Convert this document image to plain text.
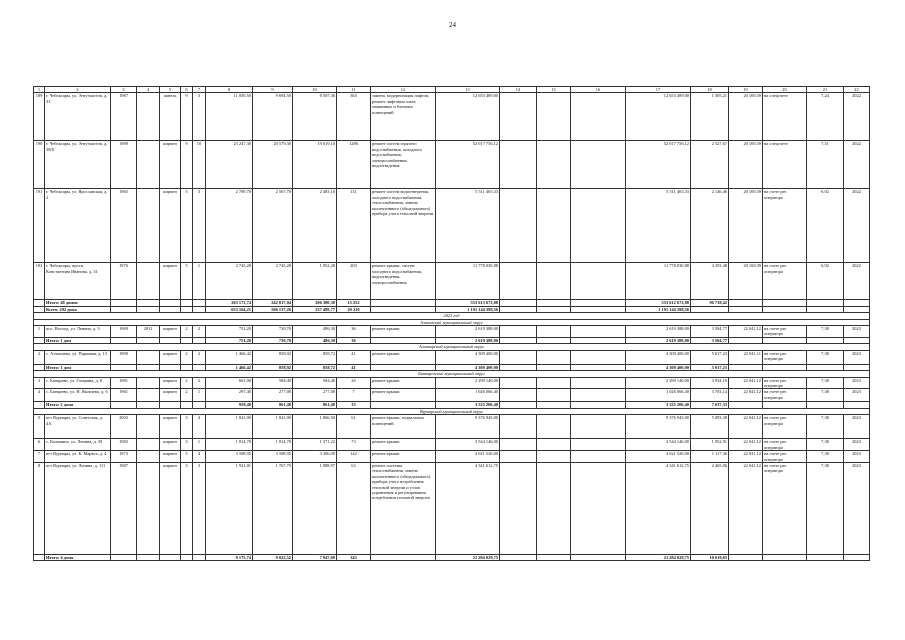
24
1	2	3	4	5	6	7	8	9	10	11	12	13	14	15	16	17	18	19	20	21	22
189	г. Чебоксары, ул. Энтузиастов, д. 33	1987		панель	9	3	11 050,50	9 694,50	8 507,36	363	замена, модернизация лифтов, ремонт лифтовых шахт, машинных и блочных помещений	12 653 489,00				12 653 489,00	1 305,21	20 169,39	на спецсчете	7,24	2022
190	г. Чебоксары, ул. Энтузиастов, д. 38/8	1989		кирпич	9	10	23 247,30	20 579,30	19 619,10	1286	ремонт систем горячего водоснабжения, холодного водоснабжения, электроснабжения, водоотведения	52 017 756,12				52 017 756,12	2 527,67	20 169,39	на спецсчете	7,51	2022
191	г. Чебоксары, ул. Ярославская, д. 2	1965		кирпич	3	3	2 789,70	2 567,70	2 483,10	131	ремонт систем водоотведения, холодного водоснабжения, теплоснабжения, замена коллективного (общедомового) прибора учета тепловой энергии	5 511 465,33				5 511 465,33	2 146,46	20 169,39	на счете рег. оператора	6,92	2022
192	г. Чебоксары, просп. Константина Иванова, д. 31	1976		кирпич	5	1	2 743,28	2 743,28	1 952,28	203	ремонт крыши, систем холодного водоснабжения, водоотведения, электроснабжения	11 778 030,88				11 778 030,88	4 293,48	20 169,39	на счете рег. оператора	6,92	2022
	Итого: 48 домов						263 173,74	242 017,04	206 380,30	15 252		553 613 673,88				553 612 673,88	96 738,42				
	Всего: 292 дома						653 164,21	586 137,26	537 489,77	29 210		1 191 144 398,56				1 191 144 398,56					
2023 год																					
Аликовский муниципальный округ																					
1	пос. Восход, ул. Ленина, д. 3	1969	2011	кирпич	2	2	751,20	730,70	486,30	36	ремонт крыши	2 619 388,00				2 619 388,00	3 584,77	22 041,12	на счете рег. оператора	7,38	2023
	Итого: 1 дом						751,20	730,70	486,30	36		2 619 388,00				2 619 388,00	3 584,77				
Алатырский муниципальный округ																					
2	с. Алтышево, ул. Парковая, д. 13	1990		кирпич	2	2	1 466,42	858,92	858,72	41	ремонт крыши	4 309 400,00				4 309 400,00	5 017,23	22 041,11	на счете рег. оператора	7,38	2023
	Итого: 1 дом						1 466,42	858,92	858,72	41		4 309 400,00				4 309 400,00	5 017,23				
Батыревский муниципальный округ																					
3	с. Батырево, ул. Гагарина, д. 8	1981		кирпич	2	2	661,00	584,40	584,40	26	ремонт крыши	2 299 140,00				2 299 140,00	3 934,19	22 041,12	на счете рег. оператора	7,38	2023
4	с. Батырево, ул. Н. Яковлева, д. 6	1961		кирпич	2	1	297,40	277,08	277,08	7	ремонт крыши	1 026 066,40				1 026 066,40	3 703,14	22 041,12	на счете рег. оператора	7,38	2023
	Итого: 2 дома						958,40	861,48	861,48	33		3 325 206,40				3 325 206,40	7 637,33				
Вурнарский муниципальный округ																					
5	пгт Вурнары, ул. Советская, д. 4А	2002		кирпич	3	4	1 841,00	1 841,00	1 866,50	61	ремонт крыши, подвальных помещений	9 376 945,00				9 376 945,00	5 093,38	22 041,12	на счете рег. оператора	7,38	2023
6	с. Калинино, ул. Ленина, д. 39	1982		кирпич	3	1	1 814,78	1 814,78	1 371,22	73	ремонт крыши	3 544 146,00				3 544 146,00	1 952,91	22 041,12	на счете рег. оператора	7,38	2023
7	пгт Вурнары, ул. К. Маркса, д. 4	1973		кирпич	5	4	3 598,95	3 598,95	3 306,00	142	ремонт крыши	4 021 526,00				4 021 526,00	1 117,36	22 041,12	на счете рег. оператора	7,38	2023
8	пгт Вурнары, ул. Ленина, д. 111	1987		кирпич	3	3	1 921,01	1 767,79	1 988,97	63	ремонт системы теплоснабжения, замена коллективного (общедомового) прибора учета потребления тепловой энергии и узлов управления и регулирования потребления тепловой энергии	4 341 612,75				4 341 612,75	2 465,06	22 041,12	на счете рег. оператора	7,38	2023
	Итого: 4 дома						9 175,74	9 022,52	7 947,69	343		21 284 029,75				21 284 029,75	10 619,65				
